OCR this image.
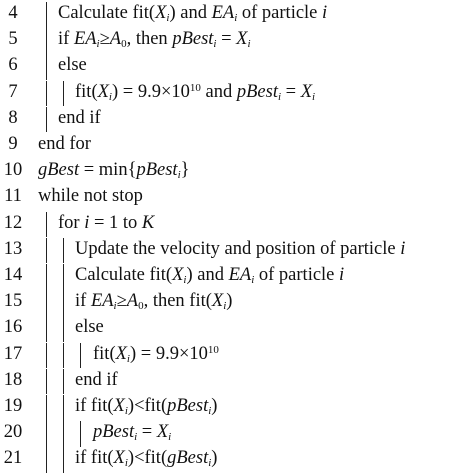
4	Calculate $fit(X_i)$ and $EA_i$ of particle i
5	if $EA_i\ge A_0$, then pBest$_i$ = $X_i$
6	else
7	$fit(X_i) = 9.9\times 10^{10}$ and pBest$_i$ = $X_i$
8	end if
9	end for
10 gBest = min{pBest$_i$}
11 while not stop
12 for i = 1 to K
13	Update the velocity and position of particle i
14	Calculate $fit(X_i)$ and $EA_i$ of particle i
15	if $EA_i\ge A_0$, then $fit(X_i)$
16	else
17	$fit(X_i) = 9.9\times 10^{10}$
18	end if
19	if $fit(X_i)<fit(pBest_i)$
20	pBest$_i$ = $X_i$
21	if $fit(X_i)<fit(gBest_i)$
